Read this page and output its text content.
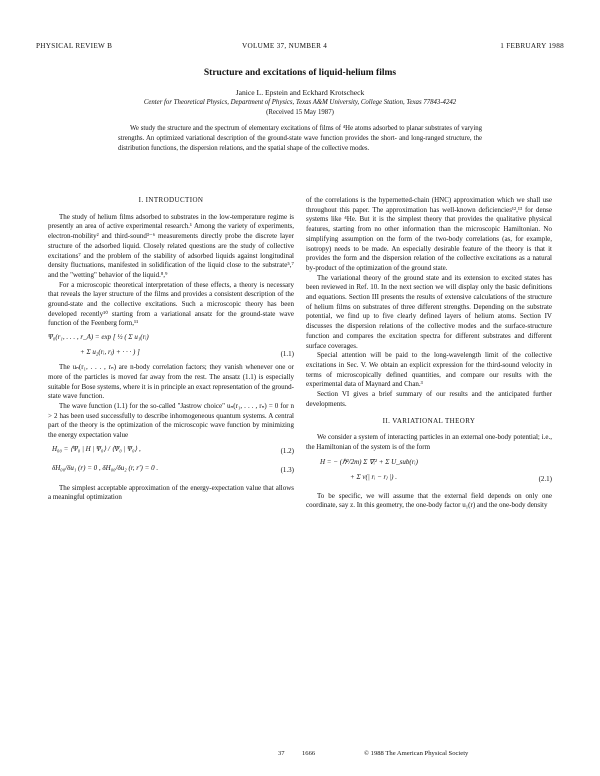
PHYSICAL REVIEW B	VOLUME 37, NUMBER 4	1 FEBRUARY 1988
Structure and excitations of liquid-helium films
Janice L. Epstein and Eckhard Krotscheck
Center for Theoretical Physics, Department of Physics, Texas A&M University, College Station, Texas 77843-4242
(Received 15 May 1987)
We study the structure and the spectrum of elementary excitations of films of ⁴He atoms adsorbed to planar substrates of varying strengths. An optimized variational description of the ground-state wave function provides the short- and long-ranged structure, the distribution functions, the dispersion relations, and the spatial shape of the collective modes.
I. INTRODUCTION

The study of helium films adsorbed to substrates in the low-temperature regime is presently an area of active experimental research.¹ Among the variety of experiments, electron-mobility² and third-sound³⁻⁶ measurements directly probe the discrete layer structure of the adsorbed liquid. Closely related questions are the study of collective excitations⁷ and the problem of the stability of adsorbed liquids against longitudinal density fluctuations, manifested in solidification of the liquid close to the substrate⁵,⁷ and the "wetting" behavior of the liquid.⁸,⁹

For a microscopic theoretical interpretation of these effects, a theory is necessary that reveals the layer structure of the films and provides a consistent description of the ground-state and the collective excitations. Such a microscopic theory has been developed recently¹⁰ starting from a variational ansatz for the ground-state wave function of the Feenberg form,¹¹

Ψ₀(r₁, . . . , r_A) = exp [ ½ ( Σ u₁(rᵢ)
+ Σ u₂(rᵢ, rⱼ) + · · · ) ]	(1.1)

The uₙ(r₁, . . . , rₙ) are n-body correlation factors; they vanish whenever one or more of the particles is moved far away from the rest. The ansatz (1.1) is especially suitable for Bose systems, where it is in principle an exact representation of the ground-state wave function.

The wave function (1.1) for the so-called "Jastrow choice" uₙ(r₁, . . . , rₙ) = 0 for n > 2 has been used successfully to describe inhomogeneous quantum systems. A central part of the theory is the optimization of the microscopic wave function by minimizing the energy expectation value

H₀₀ = ⟨Ψ₀ | H | Ψ₀⟩ / ⟨Ψ₀ | Ψ₀⟩ ,	(1.2)
δH₀₀/δu₁ (r) = 0 , δH₀₀/δu₂ (r, r′) = 0 .	(1.3)

The simplest acceptable approximation of the energy-expectation value that allows a meaningful optimization

of the correlations is the hypernetted-chain (HNC) approximation which we shall use throughout this paper. The approximation has well-known deficiencies¹²,¹³ for dense systems like ⁴He. But it is the simplest theory that provides the qualitative physical features, starting from no other information than the microscopic Hamiltonian. No simplifying assumption on the form of the two-body correlations (as, for example, isotropy) needs to be made. An especially desirable feature of the theory is that it provides the form and the dispersion relation of the collective excitations as a natural by-product of the optimization of the ground state.

The variational theory of the ground state and its extension to excited states has been reviewed in Ref. 10. In the next section we will display only the basic definitions and equations. Section III presents the results of extensive calculations of the structure of helium films on substrates of three different strengths. Depending on the substrate potential, we find up to five clearly defined layers of helium atoms. Section IV discusses the dispersion relations of the collective modes and the surface-structure function and compares the excitation spectra for different substrates and different surface coverages.

Special attention will be paid to the long-wavelength limit of the collective excitations in Sec. V. We obtain an explicit expression for the third-sound velocity in terms of microscopically defined quantities, and compare our results with the experimental data of Maynard and Chan.³

Section VI gives a brief summary of our results and the anticipated further developments.

II. VARIATIONAL THEORY

We consider a system of interacting particles in an external one-body potential; i.e., the Hamiltonian of the system is of the form

H = − (ℏ²/2m) Σ ∇ᵢ² + Σ U_sub(rᵢ)
+ Σ v(| rᵢ − rⱼ |) .	(2.1)

To be specific, we will assume that the external field depends on only one coordinate, say z. In this geometry, the one-body factor u₁(r) and the one-body density

37	1666	© 1988 The American Physical Society
